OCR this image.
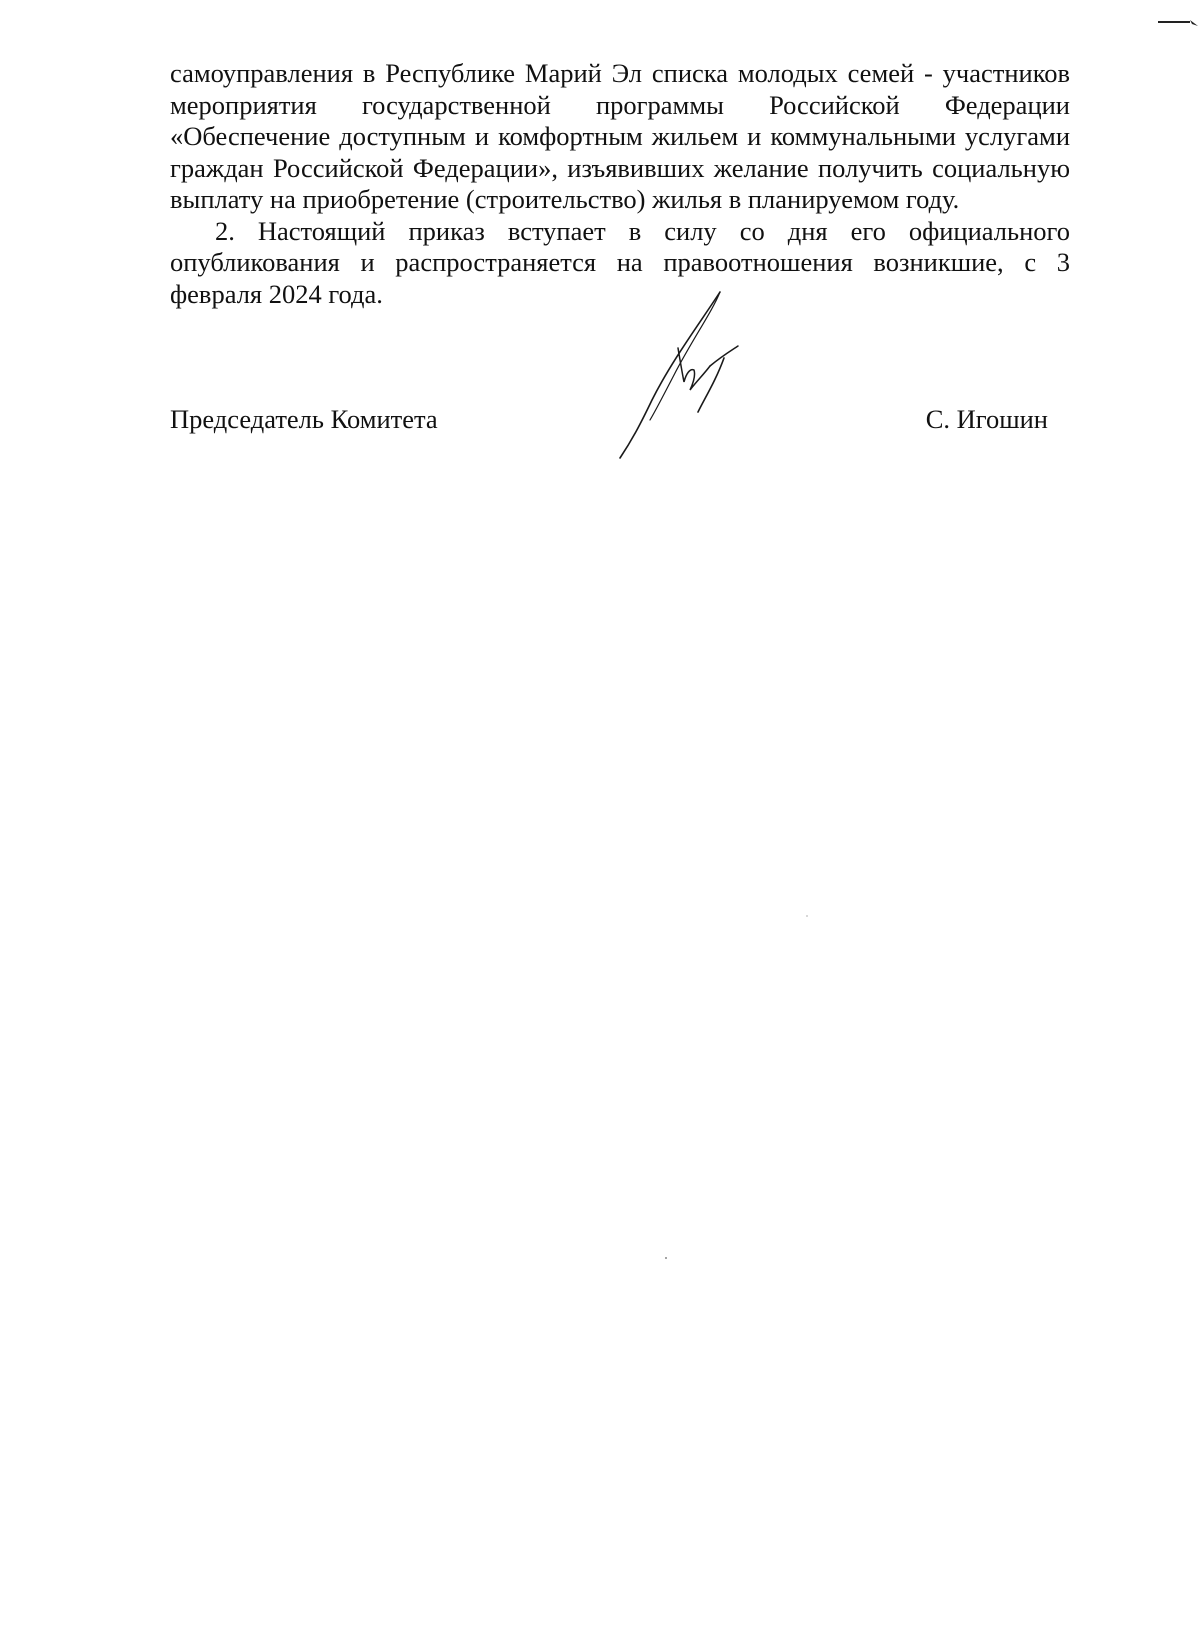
самоуправления в Республике Марий Эл списка молодых семей - участников мероприятия государственной программы Российской Федерации «Обеспечение доступным и комфортным жильем и коммунальными услугами граждан Российской Федерации», изъявивших желание получить социальную выплату на приобретение (строительство) жилья в планируемом году.

2. Настоящий приказ вступает в силу со дня его официального опубликования и распространяется на правоотношения возникшие, с 3 февраля 2024 года.

Председатель Комитета	С. Игошин
